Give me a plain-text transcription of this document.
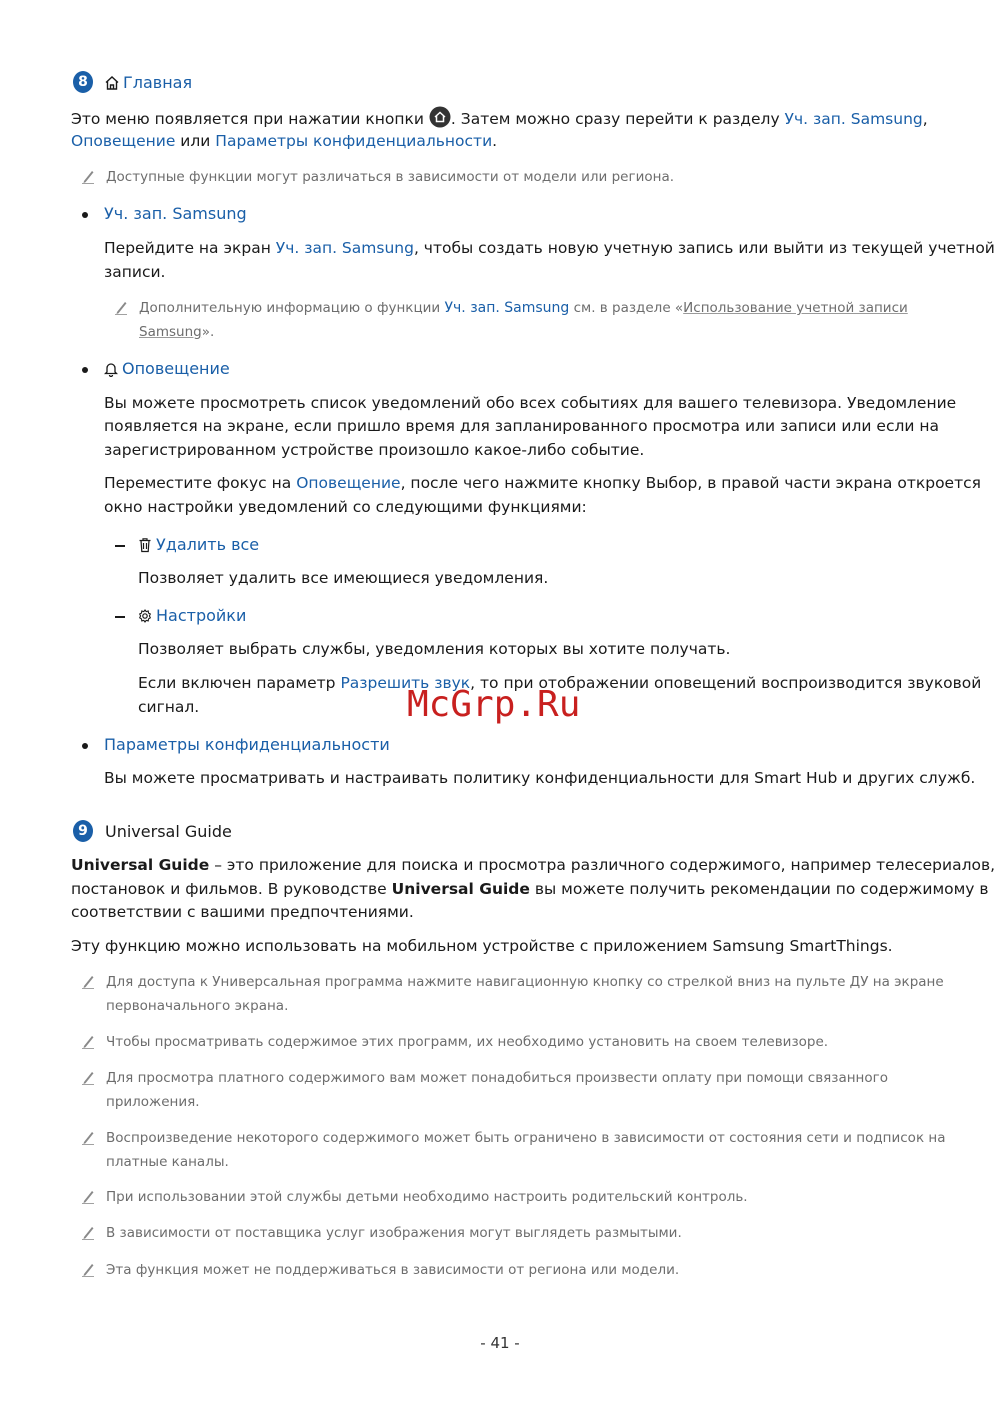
8	Главная
Это меню появляется при нажатии кнопки
. Затем можно сразу перейти к разделу Уч. зап. Samsung,
Оповещение или Параметры конфиденциальности.
Доступные функции могут различаться в зависимости от модели или региона.
Уч. зап. Samsung
Перейдите на экран Уч. зап. Samsung, чтобы создать новую учетную запись или выйти из текущей учетной
записи.
Дополнительную информацию о функции Уч. зап. Samsung см. в разделе «Использование учетной записи
Samsung».
Оповещение
Вы можете просмотреть список уведомлений обо всех событиях для вашего телевизора. Уведомление
появляется на экране, если пришло время для запланированного просмотра или записи или если на
зарегистрированном устройстве произошло какое-либо событие.
Переместите фокус на Оповещение, после чего нажмите кнопку Выбор, в правой части экрана откроется
окно настройки уведомлений со следующими функциями:
Удалить все
Позволяет удалить все имеющиеся уведомления.
Настройки
Позволяет выбрать службы, уведомления которых вы хотите получать.
Если включен параметр Разрешить звук, то при отображении оповещений воспроизводится звуковой
сигнал.
Параметры конфиденциальности
Вы можете просматривать и настраивать политику конфиденциальности для Smart Hub и других служб.
McGrp.Ru
9	Universal Guide
Universal Guide – это приложение для поиска и просмотра различного содержимого, например телесериалов,
постановок и фильмов. В руководстве Universal Guide вы можете получить рекомендации по содержимому в
соответствии с вашими предпочтениями.
Эту функцию можно использовать на мобильном устройстве с приложением Samsung SmartThings.
Для доступа к Универсальная программа нажмите навигационную кнопку со стрелкой вниз на пульте ДУ на экране
первоначального экрана.
Чтобы просматривать содержимое этих программ, их необходимо установить на своем телевизоре.
Для просмотра платного содержимого вам может понадобиться произвести оплату при помощи связанного
приложения.
Воспроизведение некоторого содержимого может быть ограничено в зависимости от состояния сети и подписок на
платные каналы.
При использовании этой службы детьми необходимо настроить родительский контроль.
В зависимости от поставщика услуг изображения могут выглядеть размытыми.
Эта функция может не поддерживаться в зависимости от региона или модели.
- 41 -
